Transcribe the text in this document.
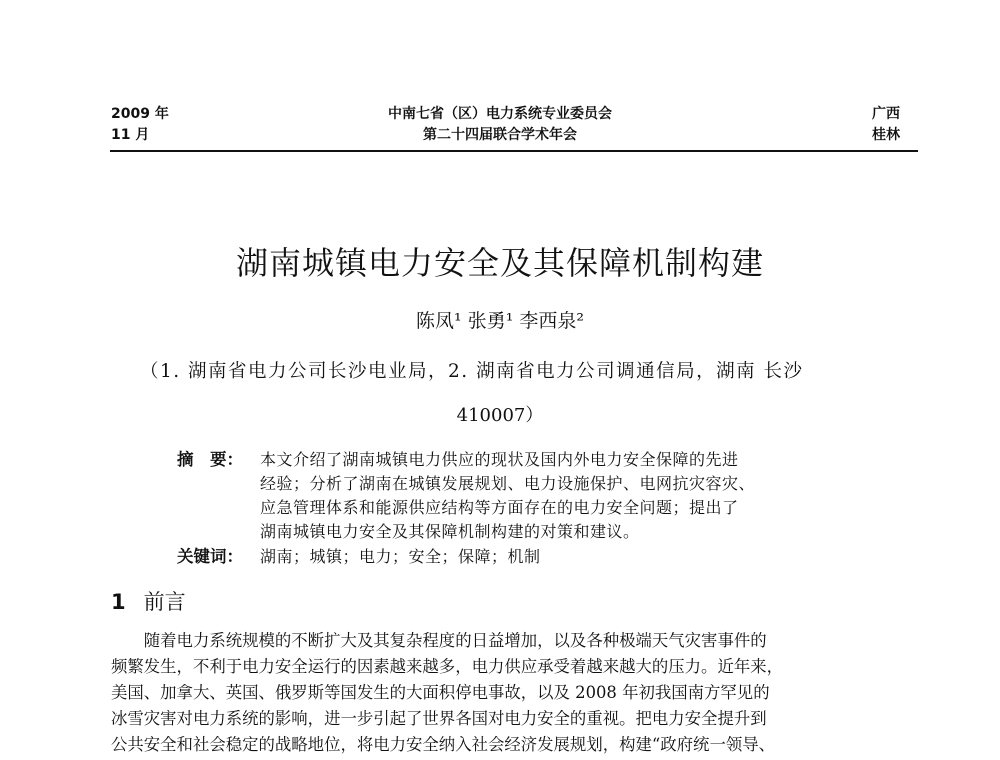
2009 年
11 月
中南七省（区）电力系统专业委员会
第二十四届联合学术年会
广西
桂林
湖南城镇电力安全及其保障机制构建
陈凤¹ 张勇¹ 李西泉²
（1. 湖南省电力公司长沙电业局，2. 湖南省电力公司调通信局，湖南 长沙
410007）
摘　要： 本文介绍了湖南城镇电力供应的现状及国内外电力安全保障的先进
经验；分析了湖南在城镇发展规划、电力设施保护、电网抗灾容灾、
应急管理体系和能源供应结构等方面存在的电力安全问题；提出了
湖南城镇电力安全及其保障机制构建的对策和建议。
关键词： 湖南；城镇；电力；安全；保障；机制
1 前言
　　随着电力系统规模的不断扩大及其复杂程度的日益增加，以及各种极端天气灾害事件的
频繁发生，不利于电力安全运行的因素越来越多，电力供应承受着越来越大的压力。近年来，
美国、加拿大、英国、俄罗斯等国发生的大面积停电事故，以及 2008 年初我国南方罕见的
冰雪灾害对电力系统的影响，进一步引起了世界各国对电力安全的重视。把电力安全提升到
公共安全和社会稳定的战略地位，将电力安全纳入社会经济发展规划，构建“政府统一领导、
